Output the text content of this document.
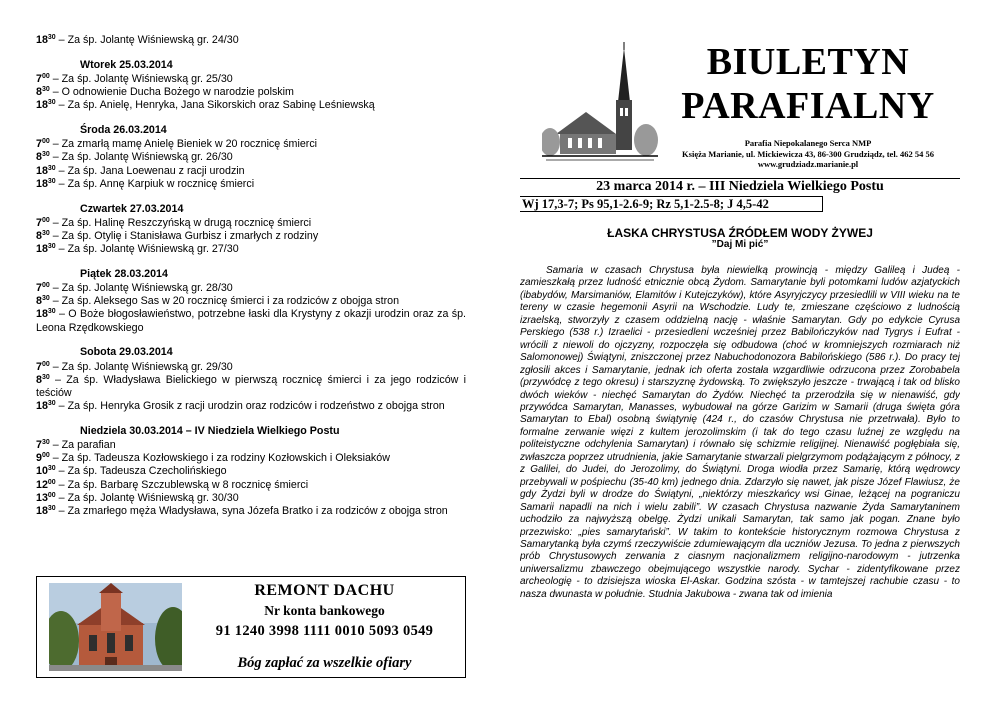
$18^{30}$ – Za śp. Jolantę Wiśniewską gr. 24/30
Wtorek 25.03.2014
$7^{00}$ – Za śp. Jolantę Wiśniewską gr. 25/30
$8^{30}$ – O odnowienie Ducha Bożego w narodzie polskim
$18^{30}$ – Za śp. Anielę, Henryka, Jana Sikorskich oraz Sabinę Leśniewską
Środa 26.03.2014
$7^{00}$ – Za zmarłą mamę Anielę Bieniek w 20 rocznicę śmierci
$8^{30}$ – Za śp. Jolantę Wiśniewską gr. 26/30
$18^{30}$ – Za śp. Jana Loewenau z racji urodzin
$18^{30}$ – Za śp. Annę Karpiuk w rocznicę śmierci
Czwartek 27.03.2014
$7^{00}$ – Za śp. Halinę Reszczyńską w drugą rocznicę śmierci
$8^{30}$ – Za śp. Otylię i Stanisława Gurbisz i zmarłych z rodziny
$18^{30}$ – Za śp. Jolantę Wiśniewską gr. 27/30
Piątek 28.03.2014
$7^{00}$ – Za śp. Jolantę Wiśniewską gr. 28/30
$8^{30}$ – Za śp. Aleksego Sas w 20 rocznicę śmierci i za rodziców z obojga stron
$18^{30}$ – O Boże błogosławieństwo, potrzebne łaski dla Krystyny z okazji urodzin oraz za śp. Leona Rzędkowskiego
Sobota 29.03.2014
$7^{00}$ – Za śp. Jolantę Wiśniewską gr. 29/30
$8^{30}$ – Za śp. Władysława Bielickiego w pierwszą rocznicę śmierci i za jego rodziców i teściów
$18^{30}$ – Za śp. Henryka Grosik z racji urodzin oraz rodziców i rodzeństwo z obojga stron
Niedziela 30.03.2014 – IV Niedziela Wielkiego Postu
$7^{30}$ – Za parafian
$9^{00}$ – Za śp. Tadeusza Kozłowskiego i za rodziny Kozłowskich i Oleksiaków
$10^{30}$ – Za śp. Tadeusza Czecholińskiego
$12^{00}$ – Za śp. Barbarę Szczublewską w 8 rocznicę śmierci
$13^{00}$ – Za śp. Jolantę Wiśniewską gr. 30/30
$18^{30}$ – Za zmarłego męża Władysława, syna Józefa Bratko i za rodziców z obojga stron
REMONT DACHU
Nr konta bankowego
91 1240 3998 1111 0010 5093 0549
Bóg zapłać za wszelkie ofiary
BIULETYN
PARAFIALNY
Parafia Niepokalanego Serca NMP
Księża Marianie, ul. Mickiewicza 43, 86-300 Grudziądz, tel. 462 54 56
www.grudziadz.marianie.pl
23 marca 2014 r. – III Niedziela Wielkiego Postu
Wj 17,3-7; Ps 95,1-2.6-9; Rz 5,1-2.5-8; J 4,5-42
ŁASKA CHRYSTUSA ŹRÓDŁEM WODY ŻYWEJ
”Daj Mi pić”
Samaria w czasach Chrystusa była niewielką prowincją - między Galileą i Judeą - zamieszkałą przez ludność etnicznie obcą Żydom. Samarytanie byli potomkami ludów azjatyckich (ibabydów, Marsimaniów, Elamitów i Kutejczyków), które Asyryjczycy przesiedlili w VIII wieku na te tereny w czasie hegemonii Asyrii na Wschodzie. Ludy te, zmieszane częściowo z ludnością izraelską, stworzyły z czasem oddzielną nację - właśnie Samarytan. Gdy po edykcie Cyrusa Perskiego (538 r.) Izraelici - przesiedleni wcześniej przez Babilończyków nad Tygrys i Eufrat - wrócili z niewoli do ojczyzny, rozpoczęła się odbudowa (choć w kromniejszych rozmiarach niż Salomonowej) Świątyni, zniszczonej przez Nabuchodonozora Babilońskiego (586 r.). Do pracy tej zgłosili akces i Samarytanie, jednak ich oferta została wzgardliwie odrzucona przez Zorobabela (przywódcę z tego okresu) i starszyznę żydowską. To zwiększyło jeszcze - trwającą i tak od blisko dwóch wieków - niechęć Samarytan do Żydów. Niechęć ta przerodziła się w nienawiść, gdy przywódca Samarytan, Manasses, wybudował na górze Garizim w Samarii (druga święta góra Samarytan to Ebal) osobną świątynię (424 r., do czasów Chrystusa nie przetrwała). Było to formalne zerwanie więzi z kultem jerozolimskim (i tak do tego czasu luźnej ze względu na politeistyczne odchylenia Samarytan) i równało się schizmie religijnej. Nienawiść pogłębiała się, zwłaszcza poprzez utrudnienia, jakie Samarytanie stwarzali pielgrzymom podążającym z północy, z z Galilei, do Judei, do Jerozolimy, do Świątyni. Droga wiodła przez Samarię, którą wędrowcy przebywali w pośpiechu (35-40 km) jednego dnia. Zdarzyło się nawet, jak pisze Józef Flawiusz, że gdy Żydzi byli w drodze do Świątyni, „niektórzy mieszkańcy wsi Ginae, leżącej na pograniczu Samarii napadli na nich i wielu zabili”. W czasach Chrystusa nazwanie Żyda Samarytaninem uchodziło za najwyższą obelgę. Żydzi unikali Samarytan, tak samo jak pogan. Znane było przezwisko: „pies samarytański”. W takim to kontekście historycznym rozmowa Chrystusa z Samarytanką była czymś rzeczywiście zdumiewającym dla uczniów Jezusa. To jedna z pierwszych prób Chrystusowych zerwania z ciasnym nacjonalizmem religijno-narodowym - jutrzenka uniwersalizmu zbawczego obejmującego wszystkie narody. Sychar - zidentyfikowane przez archeologię - to dzisiejsza wioska El-Askar. Godzina szósta - w tamtejszej rachubie czasu - to nasza dwunasta w południe. Studnia Jakubowa - zwana tak od imienia
